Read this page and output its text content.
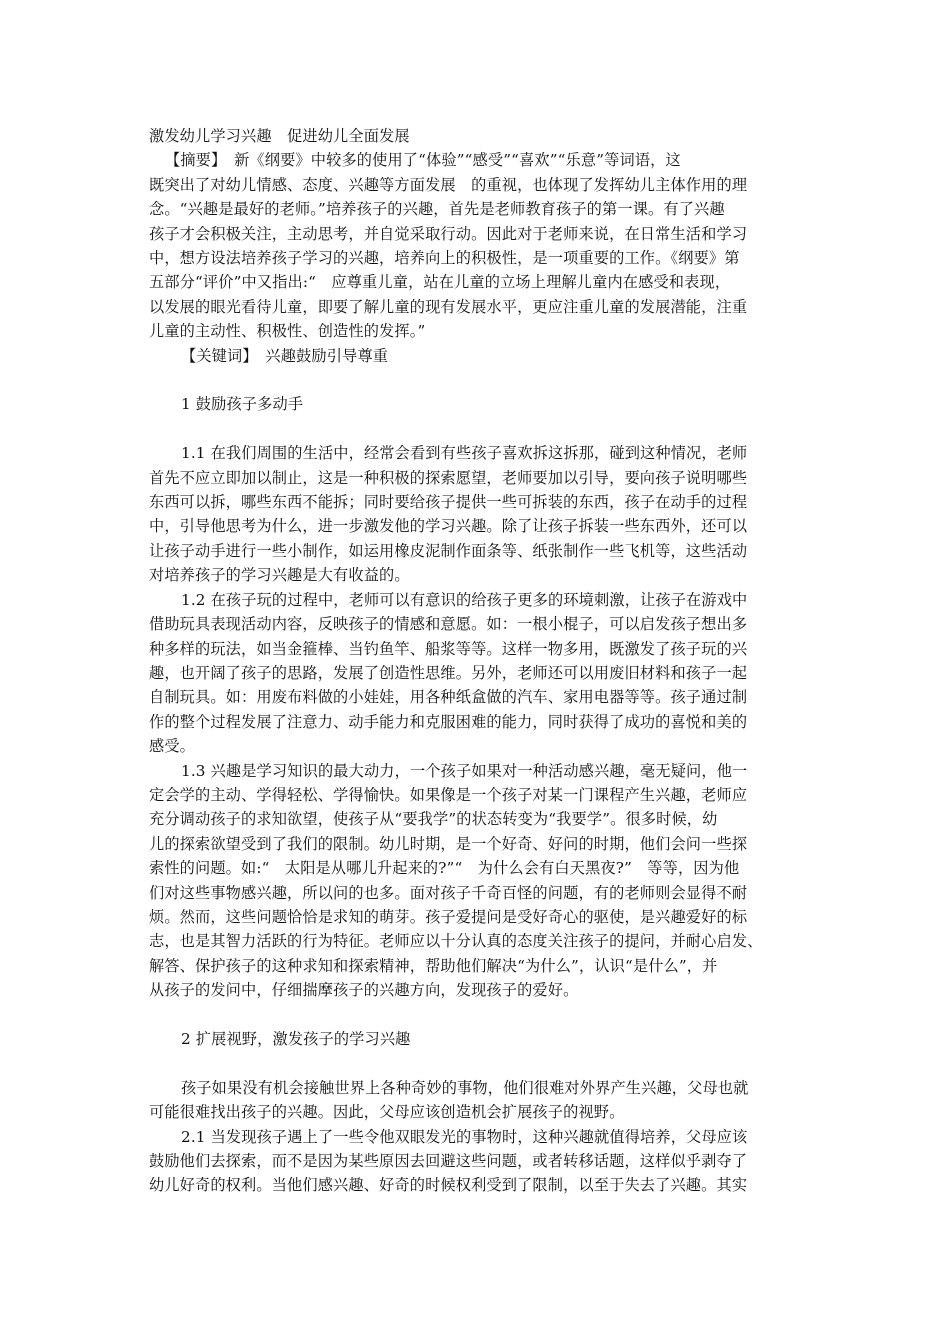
激发幼儿学习兴趣　促进幼儿全面发展
【摘要】　新《纲要》中较多的使用了“体验”“感受”“喜欢”“乐意”等词语，这
既突出了对幼儿情感、态度、兴趣等方面发展　的重视，也体现了发挥幼儿主体作用的理
念。“兴趣是最好的老师。”培养孩子的兴趣，首先是老师教育孩子的第一课。有了兴趣
孩子才会积极关注，主动思考，并自觉采取行动。因此对于老师来说，在日常生活和学习
中，想方设法培养孩子学习的兴趣，培养向上的积极性，是一项重要的工作。《纲要》第
五部分“评价”中又指出:“　应尊重儿童，站在儿童的立场上理解儿童内在感受和表现，
以发展的眼光看待儿童，即要了解儿童的现有发展水平，更应注重儿童的发展潜能，注重
儿童的主动性、积极性、创造性的发挥。”
【关键词】　兴趣鼓励引导尊重
1 鼓励孩子多动手
1.1 在我们周围的生活中，经常会看到有些孩子喜欢拆这拆那，碰到这种情况，老师
首先不应立即加以制止，这是一种积极的探索愿望，老师要加以引导，要向孩子说明哪些
东西可以拆，哪些东西不能拆；同时要给孩子提供一些可拆装的东西，孩子在动手的过程
中，引导他思考为什么，进一步激发他的学习兴趣。除了让孩子拆装一些东西外，还可以
让孩子动手进行一些小制作，如运用橡皮泥制作面条等、纸张制作一些飞机等，这些活动
对培养孩子的学习兴趣是大有收益的。
1.2 在孩子玩的过程中，老师可以有意识的给孩子更多的环境刺激，让孩子在游戏中
借助玩具表现活动内容，反映孩子的情感和意愿。如：一根小棍子，可以启发孩子想出多
种多样的玩法，如当金箍棒、当钓鱼竿、船浆等等。这样一物多用，既激发了孩子玩的兴
趣，也开阔了孩子的思路，发展了创造性思维。另外，老师还可以用废旧材料和孩子一起
自制玩具。如：用废布料做的小娃娃，用各种纸盒做的汽车、家用电器等等。孩子通过制
作的整个过程发展了注意力、动手能力和克服困难的能力，同时获得了成功的喜悦和美的
感受。
1.3 兴趣是学习知识的最大动力，一个孩子如果对一种活动感兴趣，毫无疑问，他一
定会学的主动、学得轻松、学得愉快。如果像是一个孩子对某一门课程产生兴趣，老师应
充分调动孩子的求知欲望，使孩子从“要我学”的状态转变为“我要学”。很多时候，幼
儿的探索欲望受到了我们的限制。幼儿时期，是一个好奇、好问的时期，他们会问一些探
索性的问题。如:“　太阳是从哪儿升起来的?”“　为什么会有白天黑夜?”　等等，因为他
们对这些事物感兴趣，所以问的也多。面对孩子千奇百怪的问题，有的老师则会显得不耐
烦。然而，这些问题恰恰是求知的萌芽。孩子爱提问是受好奇心的驱使，是兴趣爱好的标
志，也是其智力活跃的行为特征。老师应以十分认真的态度关注孩子的提问，并耐心启发、
解答、保护孩子的这种求知和探索精神，帮助他们解决“为什么”，认识“是什么”，并
从孩子的发问中，仔细揣摩孩子的兴趣方向，发现孩子的爱好。
2 扩展视野，激发孩子的学习兴趣
孩子如果没有机会接触世界上各种奇妙的事物，他们很难对外界产生兴趣，父母也就
可能很难找出孩子的兴趣。因此，父母应该创造机会扩展孩子的视野。
2.1 当发现孩子遇上了一些令他双眼发光的事物时，这种兴趣就值得培养，父母应该
鼓励他们去探索，而不是因为某些原因去回避这些问题，或者转移话题，这样似乎剥夺了
幼儿好奇的权利。当他们感兴趣、好奇的时候权利受到了限制，以至于失去了兴趣。其实
